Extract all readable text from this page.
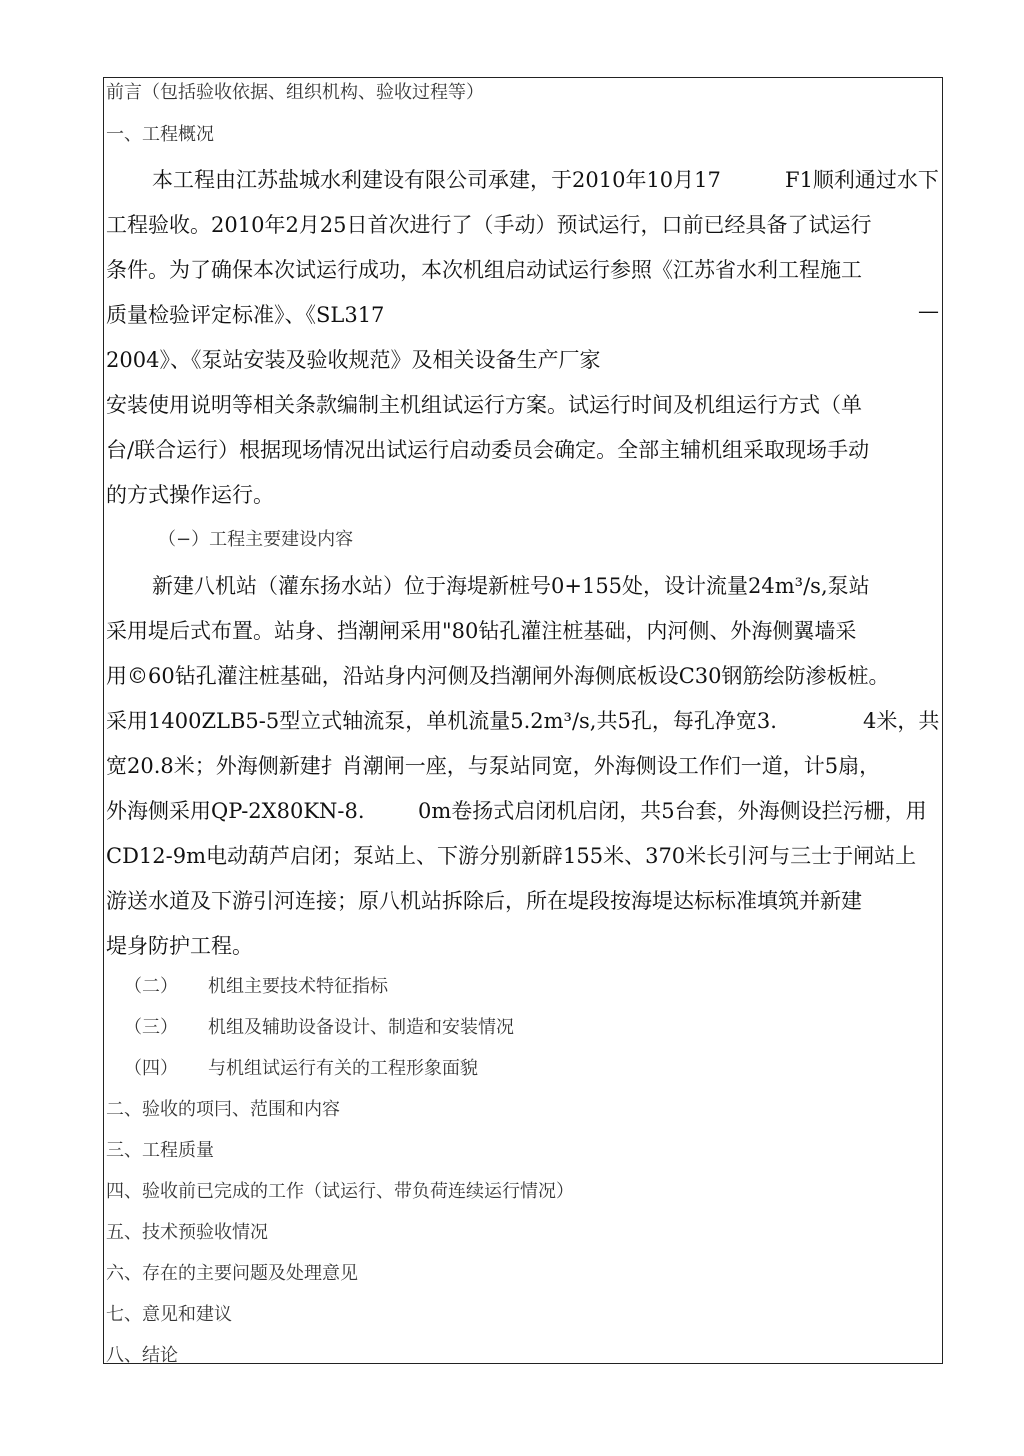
前言（包括验收依据、组织机构、验收过程等）
一、工程概况
本工程由江苏盐城水利建设有限公司承建，于2010年10月17	F1顺利通过水下
工程验收。2010年2月25日首次进行了（手动）预试运行，口前已经具备了试运行
条件。为了确保本次试运行成功，本次机组启动试运行参照《江苏省水利工程施工
质量检验评定标准》、《SL317	—
2004》、《泵站安装及验收规范》及相关设备生产厂家
安装使用说明等相关条款编制主机组试运行方案。试运行时间及机组运行方式（单
台/联合运行）根据现场情况出试运行启动委员会确定。全部主辅机组采取现场手动
的方式操作运行。
（−）工程主要建设内容
新建八机站（灌东扬水站）位于海堤新桩号0+155处，设计流量24m³/s,泵站
采用堤后式布置。站身、挡潮闸采用"80钻孔灌注桩基础，内河侧、外海侧翼墙采
用©60钻孔灌注桩基础，沿站身内河侧及挡潮闸外海侧底板设C30钢筋绘防渗板桩。
采用1400ZLB5-5型立式轴流泵，单机流量5.2m³/s,共5孔，每孔净宽3.	4米，共
宽20.8米；外海侧新建扌肖潮闸一座，与泵站同宽，外海侧设工作们一道，计5扇，
外海侧采用QP-2X80KN-8.	0m卷扬式启闭机启闭，共5台套，外海侧设拦污栅，用
CD12-9m电动葫芦启闭；泵站上、下游分别新辟155米、370米长引河与三士于闸站上
游送水道及下游引河连接；原八机站拆除后，所在堤段按海堤达标标准填筑并新建
堤身防护工程。
（二） 机组主要技术特征指标
（三） 机组及辅助设备设计、制造和安装情况
（四） 与机组试运行有关的工程形象面貌
二、验收的项冃、范围和内容
三、工程质量
四、验收前已完成的工作（试运行、带负荷连续运行情况）
五、技术预验收情况
六、存在的主要问题及处理意见
七、意见和建议
八、结论
